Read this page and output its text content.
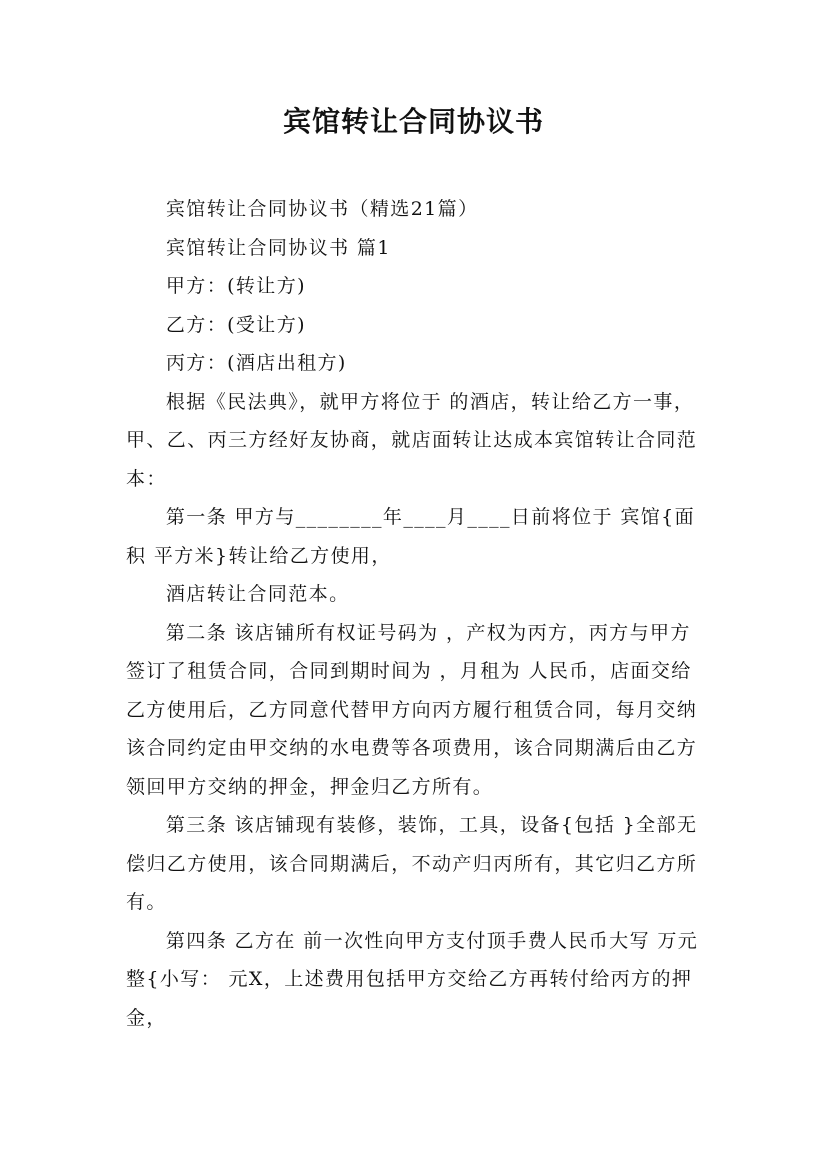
宾馆转让合同协议书

宾馆转让合同协议书（精选21篇）

宾馆转让合同协议书 篇1

甲方：(转让方)

乙方：(受让方)

丙方：(酒店出租方)

根据《民法典》，就甲方将位于 的酒店，转让给乙方一事，甲、乙、丙三方经好友协商，就店面转让达成本宾馆转让合同范本：

第一条 甲方与________年____月____日前将位于 宾馆{面积 平方米}转让给乙方使用，

酒店转让合同范本。

第二条 该店铺所有权证号码为 ，产权为丙方，丙方与甲方签订了租赁合同，合同到期时间为 ，月租为 人民币，店面交给乙方使用后，乙方同意代替甲方向丙方履行租赁合同，每月交纳该合同约定由甲交纳的水电费等各项费用，该合同期满后由乙方领回甲方交纳的押金，押金归乙方所有。

第三条 该店铺现有装修，装饰，工具，设备{包括 }全部无偿归乙方使用，该合同期满后，不动产归丙所有，其它归乙方所有。

第四条 乙方在 前一次性向甲方支付顶手费人民币大写 万元整{小写： 元X，上述费用包括甲方交给乙方再转付给丙方的押金，
